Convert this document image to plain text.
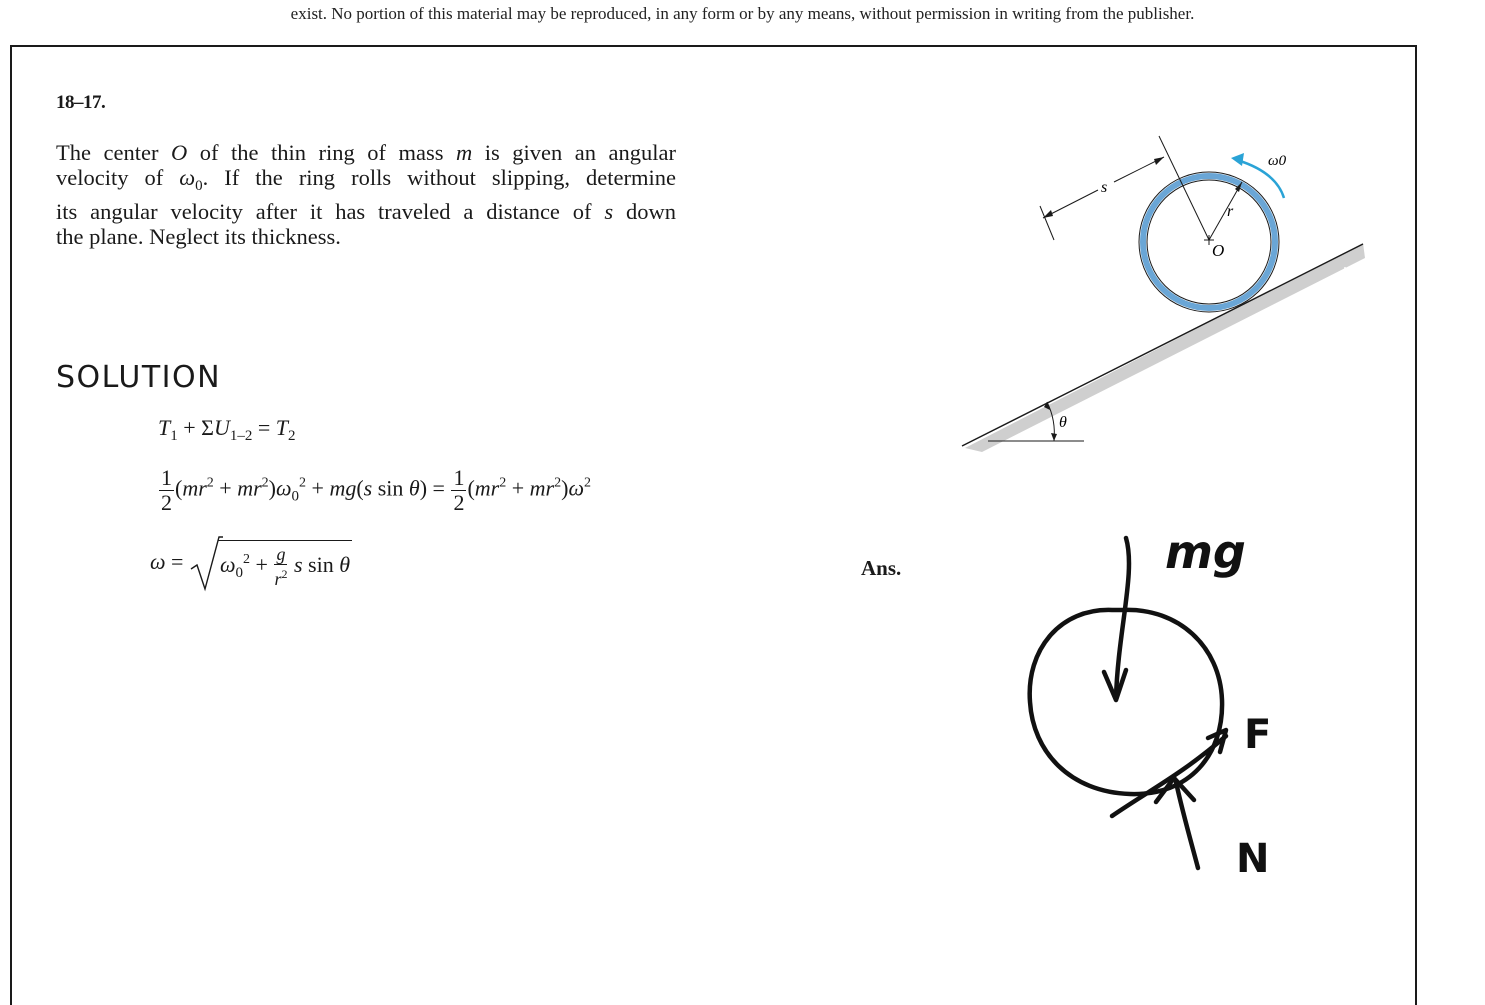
exist. No portion of this material may be reproduced, in any form or by any means, without permission in writing from the publisher.
18–17.
The center O of the thin ring of mass m is given an angular
velocity of $\omega_0$. If the ring rolls without slipping, determine
its angular velocity after it has traveled a distance of s down
the plane. Neglect its thickness.
SOLUTION
$T_1 + \Sigma U_{1-2} = T_2$
$\frac{1}{2} (mr^2 + mr^2)\omega_0^2 + mg(s$ $\sin \theta) = \frac{1}{2} (mr^2 + mr^2)\omega^2$
$\omega = \omega_0^2 + \frac{g}{r^2}$ s sin θ	Ans.
θ
O
r
s
ω0
mg
F
N
